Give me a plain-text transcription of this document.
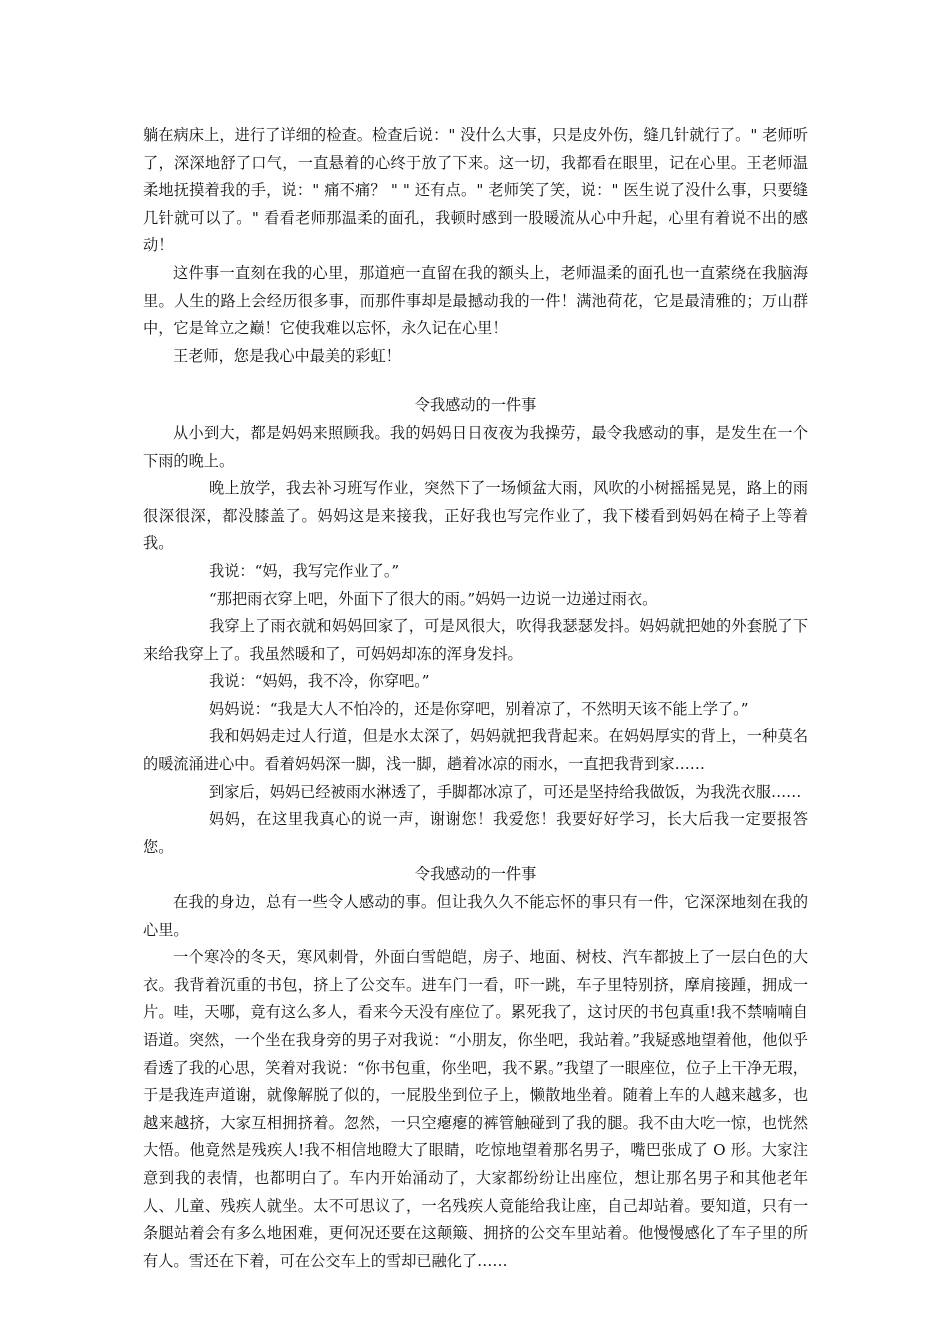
躺在病床上，进行了详细的检查。检查后说：" 没什么大事，只是皮外伤，缝几针就行了。" 老师听了，深深地舒了口气，一直悬着的心终于放了下来。这一切，我都看在眼里，记在心里。王老师温柔地抚摸着我的手，说：" 痛不痛？ " " 还有点。" 老师笑了笑，说：" 医生说了没什么事，只要缝几针就可以了。" 看看老师那温柔的面孔，我顿时感到一股暖流从心中升起，心里有着说不出的感动！

这件事一直刻在我的心里，那道疤一直留在我的额头上，老师温柔的面孔也一直萦绕在我脑海里。人生的路上会经历很多事，而那件事却是最撼动我的一件！满池荷花，它是最清雅的；万山群中，它是耸立之巅！它使我难以忘怀，永久记在心里！

王老师，您是我心中最美的彩虹！

令我感动的一件事

从小到大，都是妈妈来照顾我。我的妈妈日日夜夜为我操劳，最令我感动的事，是发生在一个下雨的晚上。

晚上放学，我去补习班写作业，突然下了一场倾盆大雨，风吹的小树摇摇晃晃，路上的雨很深很深，都没膝盖了。妈妈这是来接我，正好我也写完作业了，我下楼看到妈妈在椅子上等着我。

我说：“妈，我写完作业了。”

“那把雨衣穿上吧，外面下了很大的雨。”妈妈一边说一边递过雨衣。

我穿上了雨衣就和妈妈回家了，可是风很大，吹得我瑟瑟发抖。妈妈就把她的外套脱了下来给我穿上了。我虽然暖和了，可妈妈却冻的浑身发抖。

我说：“妈妈，我不冷，你穿吧。”

妈妈说：“我是大人不怕冷的，还是你穿吧，别着凉了，不然明天该不能上学了。”

我和妈妈走过人行道，但是水太深了，妈妈就把我背起来。在妈妈厚实的背上，一种莫名的暖流涌进心中。看着妈妈深一脚，浅一脚，趟着冰凉的雨水，一直把我背到家……

到家后，妈妈已经被雨水淋透了，手脚都冰凉了，可还是坚持给我做饭，为我洗衣服……

妈妈，在这里我真心的说一声，谢谢您！我爱您！我要好好学习，长大后我一定要报答您。

令我感动的一件事

在我的身边，总有一些令人感动的事。但让我久久不能忘怀的事只有一件，它深深地刻在我的心里。

一个寒冷的冬天，寒风刺骨，外面白雪皑皑，房子、地面、树枝、汽车都披上了一层白色的大衣。我背着沉重的书包，挤上了公交车。进车门一看，吓一跳，车子里特别挤，摩肩接踵，拥成一片。哇，天哪，竟有这么多人，看来今天没有座位了。累死我了，这讨厌的书包真重!我不禁喃喃自语道。突然，一个坐在我身旁的男子对我说：“小朋友，你坐吧，我站着。”我疑惑地望着他，他似乎看透了我的心思，笑着对我说：“你书包重，你坐吧，我不累。”我望了一眼座位，位子上干净无瑕，于是我连声道谢，就像解脱了似的，一屁股坐到位子上，懒散地坐着。随着上车的人越来越多，也越来越挤，大家互相拥挤着。忽然，一只空瘪瘪的裤管触碰到了我的腿。我不由大吃一惊，也恍然大悟。他竟然是残疾人!我不相信地瞪大了眼睛，吃惊地望着那名男子，嘴巴张成了 O 形。大家注意到我的表情，也都明白了。车内开始涌动了，大家都纷纷让出座位，想让那名男子和其他老年人、儿童、残疾人就坐。太不可思议了，一名残疾人竟能给我让座，自己却站着。要知道，只有一条腿站着会有多么地困难，更何况还要在这颠簸、拥挤的公交车里站着。他慢慢感化了车子里的所有人。雪还在下着，可在公交车上的雪却已融化了……
